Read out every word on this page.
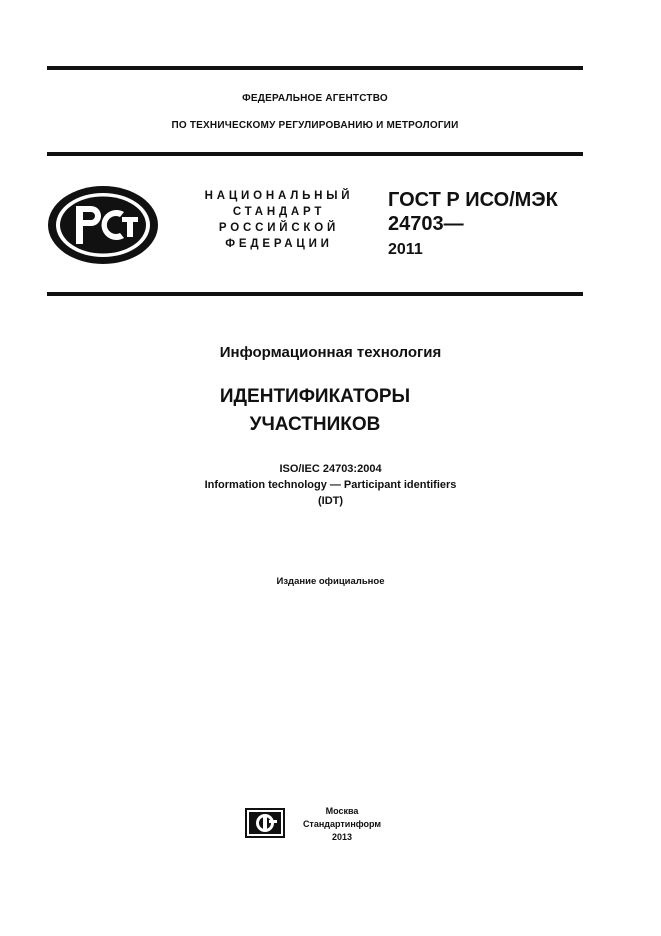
ФЕДЕРАЛЬНОЕ АГЕНТСТВО
ПО ТЕХНИЧЕСКОМУ РЕГУЛИРОВАНИЮ И МЕТРОЛОГИИ
НАЦИОНАЛЬНЫЙ
СТАНДАРТ
РОССИЙСКОЙ
ФЕДЕРАЦИИ
ГОСТ Р ИСО/МЭК
24703—
2011
Информационная технология
ИДЕНТИФИКАТОРЫ
УЧАСТНИКОВ
ISO/IEC 24703:2004
Information technology — Participant identifiers
(IDT)
Издание официальное
Москва
Стандартинформ
2013
